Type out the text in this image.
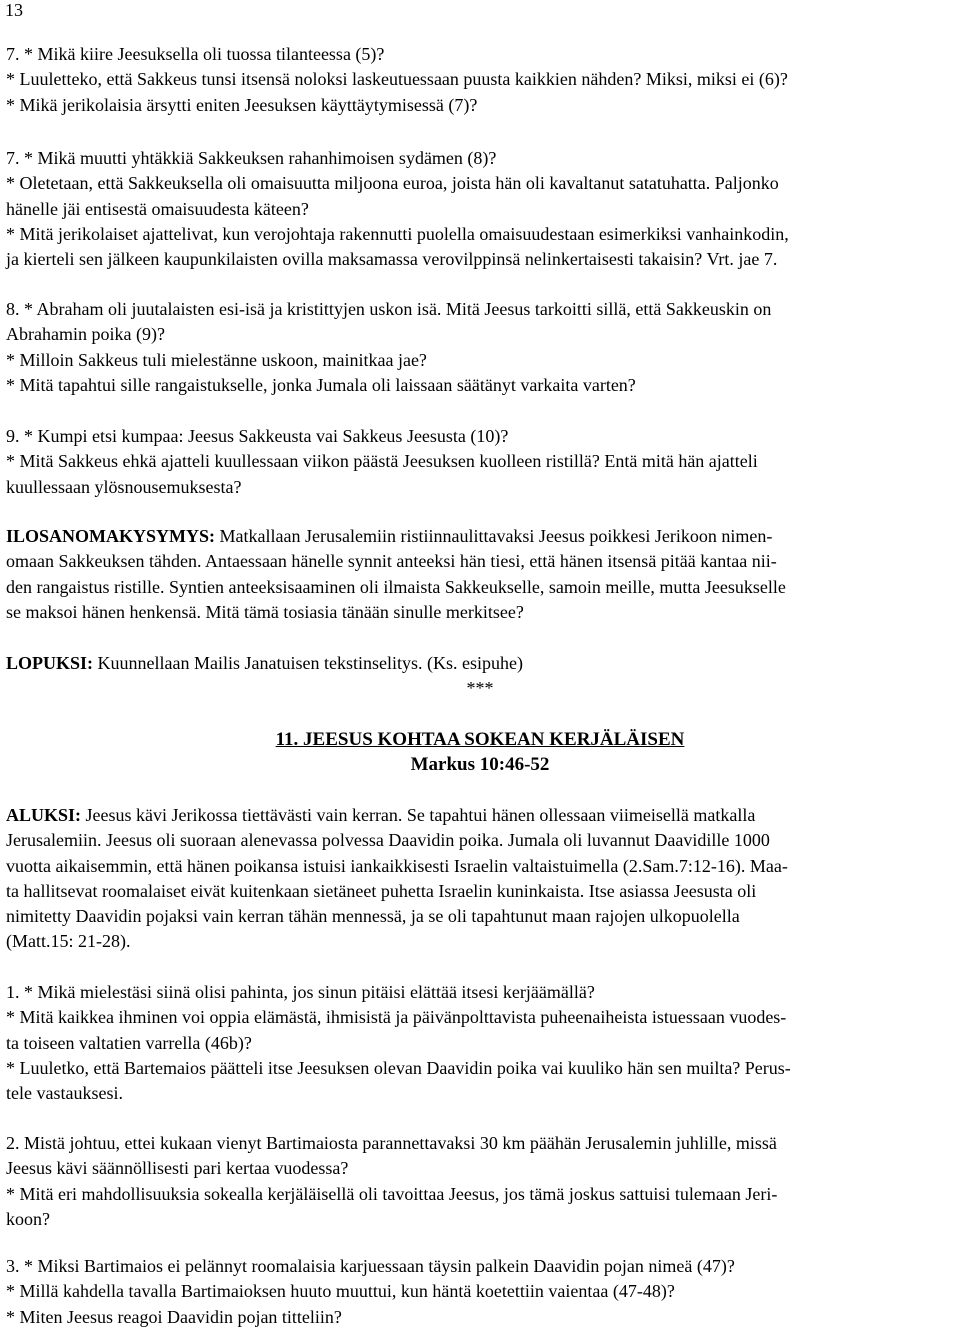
13
7. * Mikä kiire Jeesuksella oli tuossa tilanteessa (5)?
* Luuletteko, että Sakkeus tunsi itsensä noloksi laskeutuessaan puusta kaikkien nähden? Miksi, miksi ei (6)?
* Mikä jerikolaisia ärsytti eniten Jeesuksen käyttäytymisessä (7)?
7. * Mikä muutti yhtäkkiä Sakkeuksen rahanhimoisen sydämen (8)?
* Oletetaan, että Sakkeuksella oli omaisuutta miljoona euroa, joista hän oli kavaltanut satatuhatta. Paljonko
hänelle jäi entisestä omaisuudesta käteen?
* Mitä jerikolaiset ajattelivat, kun verojohtaja rakennutti puolella omaisuudestaan esimerkiksi vanhainkodin,
ja kierteli sen jälkeen kaupunkilaisten ovilla maksamassa verovilppinsä nelinkertaisesti takaisin? Vrt. jae 7.
8. * Abraham oli juutalaisten esi-isä ja kristittyjen uskon isä. Mitä Jeesus tarkoitti sillä, että Sakkeuskin on
Abrahamin poika (9)?
* Milloin Sakkeus tuli mielestänne uskoon, mainitkaa jae?
* Mitä tapahtui sille rangaistukselle, jonka Jumala oli laissaan säätänyt varkaita varten?
9. * Kumpi etsi kumpaa: Jeesus Sakkeusta vai Sakkeus Jeesusta (10)?
* Mitä Sakkeus ehkä ajatteli kuullessaan viikon päästä Jeesuksen kuolleen ristillä? Entä mitä hän ajatteli
kuullessaan ylösnousemuksesta?
ILOSANOMAKYSYMYS: Matkallaan Jerusalemiin ristiinnaulittavaksi Jeesus poikkesi Jerikoon nimen-
omaan Sakkeuksen tähden. Antaessaan hänelle synnit anteeksi hän tiesi, että hänen itsensä pitää kantaa nii-
den rangaistus ristille. Syntien anteeksisaaminen oli ilmaista Sakkeukselle, samoin meille, mutta Jeesukselle
se maksoi hänen henkensä. Mitä tämä tosiasia tänään sinulle merkitsee?
LOPUKSI: Kuunnellaan Mailis Janatuisen tekstinselitys. (Ks. esipuhe)
***
11. JEESUS KOHTAA SOKEAN KERJÄLÄISEN
Markus 10:46-52
ALUKSI: Jeesus kävi Jerikossa tiettävästi vain kerran. Se tapahtui hänen ollessaan viimeisellä matkalla
Jerusalemiin. Jeesus oli suoraan alenevassa polvessa Daavidin poika. Jumala oli luvannut Daavidille 1000
vuotta aikaisemmin, että hänen poikansa istuisi iankaikkisesti Israelin valtaistuimella (2.Sam.7:12-16). Maa-
ta hallitsevat roomalaiset eivät kuitenkaan sietäneet puhetta Israelin kuninkaista. Itse asiassa Jeesusta oli
nimitetty Daavidin pojaksi vain kerran tähän mennessä, ja se oli tapahtunut maan rajojen ulkopuolella
(Matt.15: 21-28).
1. * Mikä mielestäsi siinä olisi pahinta, jos sinun pitäisi elättää itsesi kerjäämällä?
* Mitä kaikkea ihminen voi oppia elämästä, ihmisistä ja päivänpolttavista puheenaiheista istuessaan vuodes-
ta toiseen valtatien varrella (46b)?
* Luuletko, että Bartemaios päätteli itse Jeesuksen olevan Daavidin poika vai kuuliko hän sen muilta? Perus-
tele vastauksesi.
2. Mistä johtuu, ettei kukaan vienyt Bartimaiosta parannettavaksi 30 km päähän Jerusalemin juhlille, missä
Jeesus kävi säännöllisesti pari kertaa vuodessa?
* Mitä eri mahdollisuuksia sokealla kerjäläisellä oli tavoittaa Jeesus, jos tämä joskus sattuisi tulemaan Jeri-
koon?
3. * Miksi Bartimaios ei pelännyt roomalaisia karjuessaan täysin palkein Daavidin pojan nimeä (47)?
* Millä kahdella tavalla Bartimaioksen huuto muuttui, kun häntä koetettiin vaientaa (47-48)?
* Miten Jeesus reagoi Daavidin pojan titteliin?
